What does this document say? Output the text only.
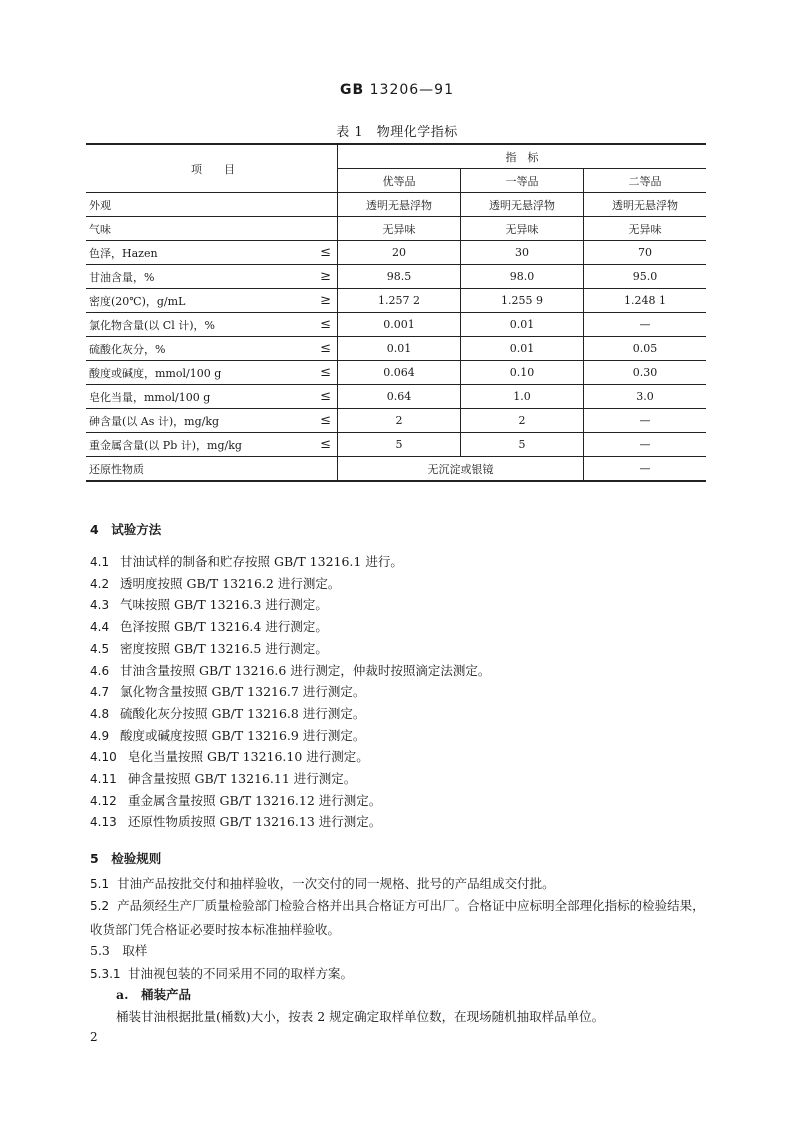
GB 13206—91
表 1　物理化学指标
项　　目		指　标		
		优等品	一等品	二等品
外观		透明无悬浮物	透明无悬浮物	透明无悬浮物
气味		无异味	无异味	无异味
色泽，Hazen	≤	20	30	70
甘油含量，%	≥	98.5	98.0	95.0
密度(20℃)，g/mL	≥	1.257 2	1.255 9	1.248 1
氯化物含量(以 Cl 计)，%	≤	0.001	0.01	—
硫酸化灰分，%	≤	0.01	0.01	0.05
酸度或碱度，mmol/100 g	≤	0.064	0.10	0.30
皂化当量，mmol/100 g	≤	0.64	1.0	3.0
砷含量(以 As 计)，mg/kg	≤	2	2	—
重金属含量(以 Pb 计)，mg/kg	≤	5	5	—
还原性物质		无沉淀或银镜		—
4　试验方法
4.1 甘油试样的制备和贮存按照 GB/T 13216.1 进行。
4.2 透明度按照 GB/T 13216.2 进行测定。
4.3 气味按照 GB/T 13216.3 进行测定。
4.4 色泽按照 GB/T 13216.4 进行测定。
4.5 密度按照 GB/T 13216.5 进行测定。
4.6 甘油含量按照 GB/T 13216.6 进行测定，仲裁时按照滴定法测定。
4.7 氯化物含量按照 GB/T 13216.7 进行测定。
4.8 硫酸化灰分按照 GB/T 13216.8 进行测定。
4.9 酸度或碱度按照 GB/T 13216.9 进行测定。
4.10 皂化当量按照 GB/T 13216.10 进行测定。
4.11 砷含量按照 GB/T 13216.11 进行测定。
4.12 重金属含量按照 GB/T 13216.12 进行测定。
4.13 还原性物质按照 GB/T 13216.13 进行测定。
5　检验规则
5.1 甘油产品按批交付和抽样验收，一次交付的同一规格、批号的产品组成交付批。
5.2 产品须经生产厂质量检验部门检验合格并出具合格证方可出厂。合格证中应标明全部理化指标的检验结果，收货部门凭合格证必要时按本标准抽样验收。
5.3　取样
5.3.1 甘油视包装的不同采用不同的取样方案。
a.　桶装产品
桶装甘油根据批量(桶数)大小，按表 2 规定确定取样单位数，在现场随机抽取样品单位。
2
